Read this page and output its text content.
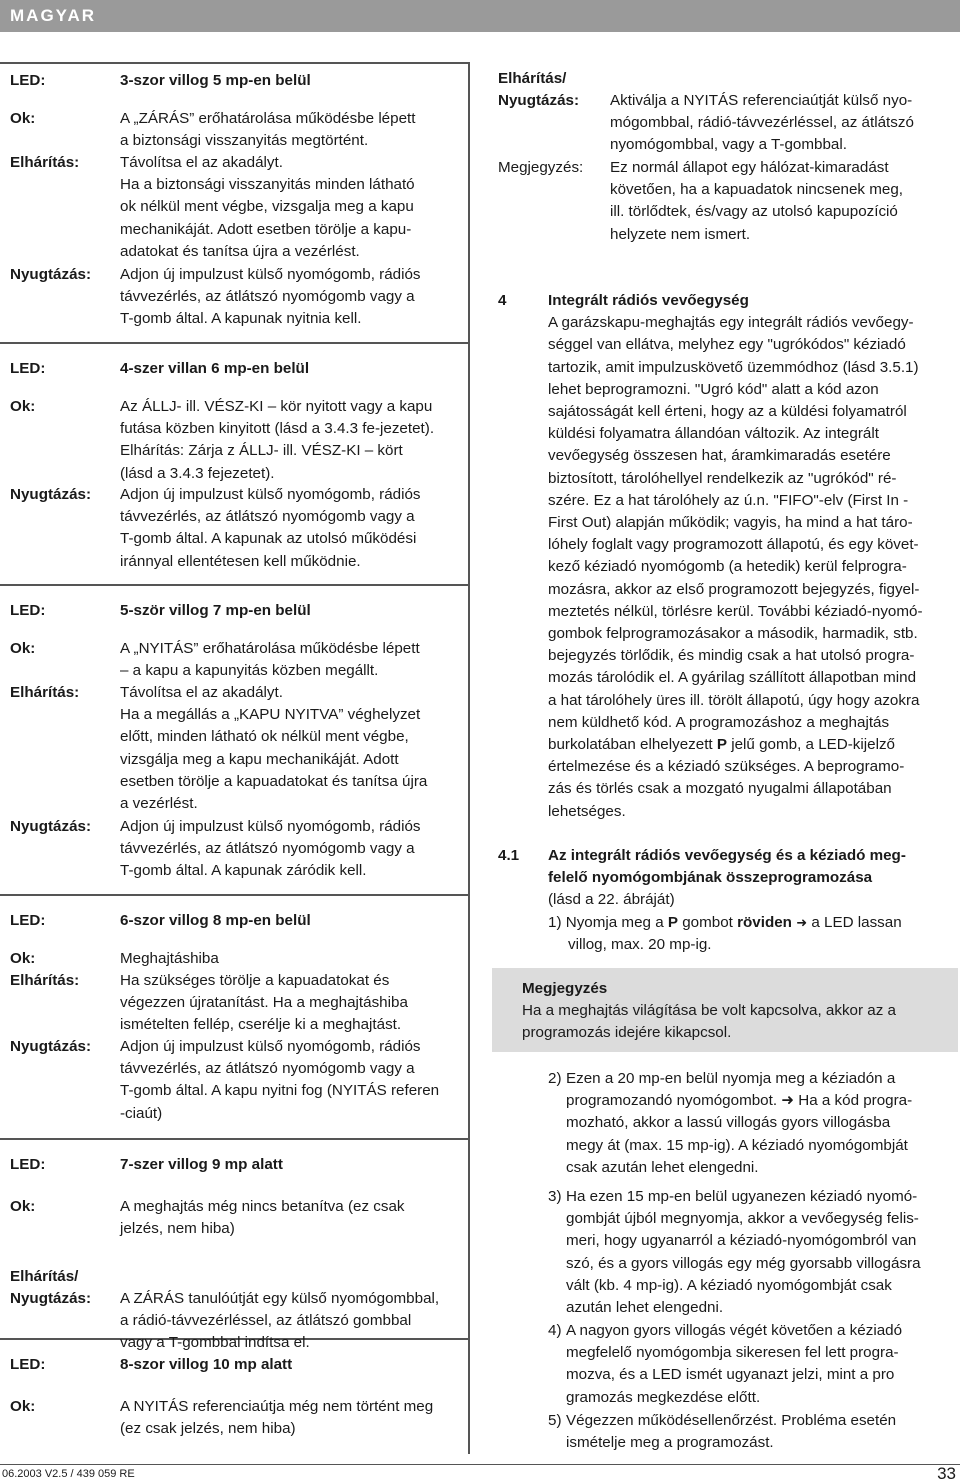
MAGYAR
LED:	3-szor villog 5 mp-en belül
Ok:	A „ZÁRÁS” erőhatárolása működésbe lépett
a biztonsági visszanyitás megtörtént.
Elhárítás:	Távolítsa el az akadályt.
Ha a biztonsági visszanyitás minden látható
ok nélkül ment végbe, vizsgalja meg a kapu
mechanikáját. Adott esetben törölje a kapu-
adatokat és tanítsa újra a vezérlést.
Nyugtázás:	Adjon új impulzust külső nyomógomb, rádiós
távvezérlés, az átlátszó nyomógomb vagy a
T-gomb által. A kapunak nyitnia kell.
LED:	4-szer villan 6 mp-en belül
Ok:	Az ÁLLJ- ill. VÉSZ-KI – kör nyitott vagy a kapu
futása közben kinyitott (lásd a 3.4.3 fe-jezetet).
Elhárítás: Zárja z ÁLLJ- ill. VÉSZ-KI – kört
(lásd a 3.4.3 fejezetet).
Nyugtázás:	Adjon új impulzust külső nyomógomb, rádiós
távvezérlés, az átlátszó nyomógomb vagy a
T-gomb által. A kapunak az utolsó működési
iránnyal ellentétesen kell működnie.
LED:	5-ször villog 7 mp-en belül
Ok:	A „NYITÁS” erőhatárolása működésbe lépett
– a kapu a kapunyitás közben megállt.
Elhárítás:	Távolítsa el az akadályt.
Ha a megállás a „KAPU NYITVA” véghelyzet
előtt, minden látható ok nélkül ment végbe,
vizsgálja meg a kapu mechanikáját. Adott
esetben törölje a kapuadatokat és tanítsa újra
a vezérlést.
Nyugtázás:	Adjon új impulzust külső nyomógomb, rádiós
távvezérlés, az átlátszó nyomógomb vagy a
T-gomb által. A kapunak záródik kell.
LED:	6-szor villog 8 mp-en belül
Ok:	Meghajtáshiba
Elhárítás:	Ha szükséges törölje a kapuadatokat és
végezzen újratanítást. Ha a meghajtáshiba
ismételten fellép, cserélje ki a meghajtást.
Nyugtázás:	Adjon új impulzust külső nyomógomb, rádiós
távvezérlés, az átlátszó nyomógomb vagy a
T-gomb által. A kapu nyitni fog (NYITÁS referen
-ciaút)
LED:	7-szer villog 9 mp alatt
Ok:	A meghajtás még nincs betanítva (ez csak
jelzés, nem hiba)
Elhárítás/
Nyugtázás:	A ZÁRÁS tanulóútját egy külső nyomógombbal,
a rádió-távvezérléssel, az átlátszó gombbal
vagy a T-gombbal indítsa el.
LED:	8-szor villog 10 mp alatt
Ok:	A NYITÁS referenciaútja még nem történt meg
(ez csak jelzés, nem hiba)
Elhárítás/
Nyugtázás:	Aktiválja a NYITÁS referenciaútját külső nyo-
mógombbal, rádió-távvezérléssel, az átlátszó
nyomógombbal, vagy a T-gombbal.
Megjegyzés:	Ez normál állapot egy hálózat-kimaradást
követően, ha a kapuadatok nincsenek meg,
ill. törlődtek, és/vagy az utolsó kapupozíció
helyzete nem ismert.
4	Integrált rádiós vevőegység
A garázskapu-meghajtás egy integrált rádiós vevőegy-
séggel van ellátva, melyhez egy "ugrókódos" kéziadó
tartozik, amit impulzuskövető üzemmódhoz (lásd 3.5.1)
lehet beprogramozni. "Ugró kód" alatt a kód azon
sajátosságát kell érteni, hogy az a küldési folyamatról
küldési folyamatra állandóan változik. Az integrált
vevőegység összesen hat, áramkimaradás esetére
biztosított, tárolóhellyel rendelkezik az "ugrókód" ré-
szére. Ez a hat tárolóhely az ú.n. "FIFO"-elv (First In -
First Out) alapján működik; vagyis, ha mind a hat táro-
lóhely foglalt vagy programozott állapotú, és egy követ-
kező kéziadó nyomógomb (a hetedik) kerül felprogra-
mozásra, akkor az első programozott bejegyzés, figyel-
meztetés nélkül, törlésre kerül. További kéziadó-nyomó-
gombok felprogramozásakor a második, harmadik, stb.
bejegyzés törlődik, és mindig csak a hat utolsó progra-
mozás tárolódik el. A gyárilag szállított állapotban mind
a hat tárolóhely üres ill. törölt állapotú, úgy hogy azokra
nem küldhető kód. A programozáshoz a meghajtás
burkolatában elhelyezett P jelű gomb, a LED-kijelző
értelmezése és a kéziadó szükséges. A beprogramo-
zás és törlés csak a mozgató nyugalmi állapotában
lehetséges.
4.1	Az integrált rádiós vevőegység és a kéziadó meg-
felelő nyomógombjának összeprogramozása
(lásd a 22. ábráját)
1) Nyomja meg a P gombot röviden ➜ a LED lassan
villog, max. 20 mp-ig.
Megjegyzés
Ha a meghajtás világítása be volt kapcsolva, akkor az a
programozás idejére kikapcsol.
2) Ezen a 20 mp-en belül nyomja meg a kéziadón a
programozandó nyomógombot. ➜ Ha a kód progra-
mozható, akkor a lassú villogás gyors villogásba
megy át (max. 15 mp-ig). A kéziadó nyomógombját
csak azután lehet elengedni.
3) Ha ezen 15 mp-en belül ugyanezen kéziadó nyomó-
gombját újból megnyomja, akkor a vevőegység felis-
meri, hogy ugyanarról a kéziadó-nyomógombról van
szó, és a gyors villogás egy még gyorsabb villogásra
vált (kb. 4 mp-ig). A kéziadó nyomógombját csak
azután lehet elengedni.
4) A nagyon gyors villogás végét követően a kéziadó
megfelelő nyomógombja sikeresen fel lett progra-
mozva, és a LED ismét ugyanazt jelzi, mint a pro
gramozás megkezdése előtt.
5) Végezzen működésellenőrzést. Probléma esetén
ismételje meg a programozást.
06.2003 V2.5 / 439 059 RE	33
